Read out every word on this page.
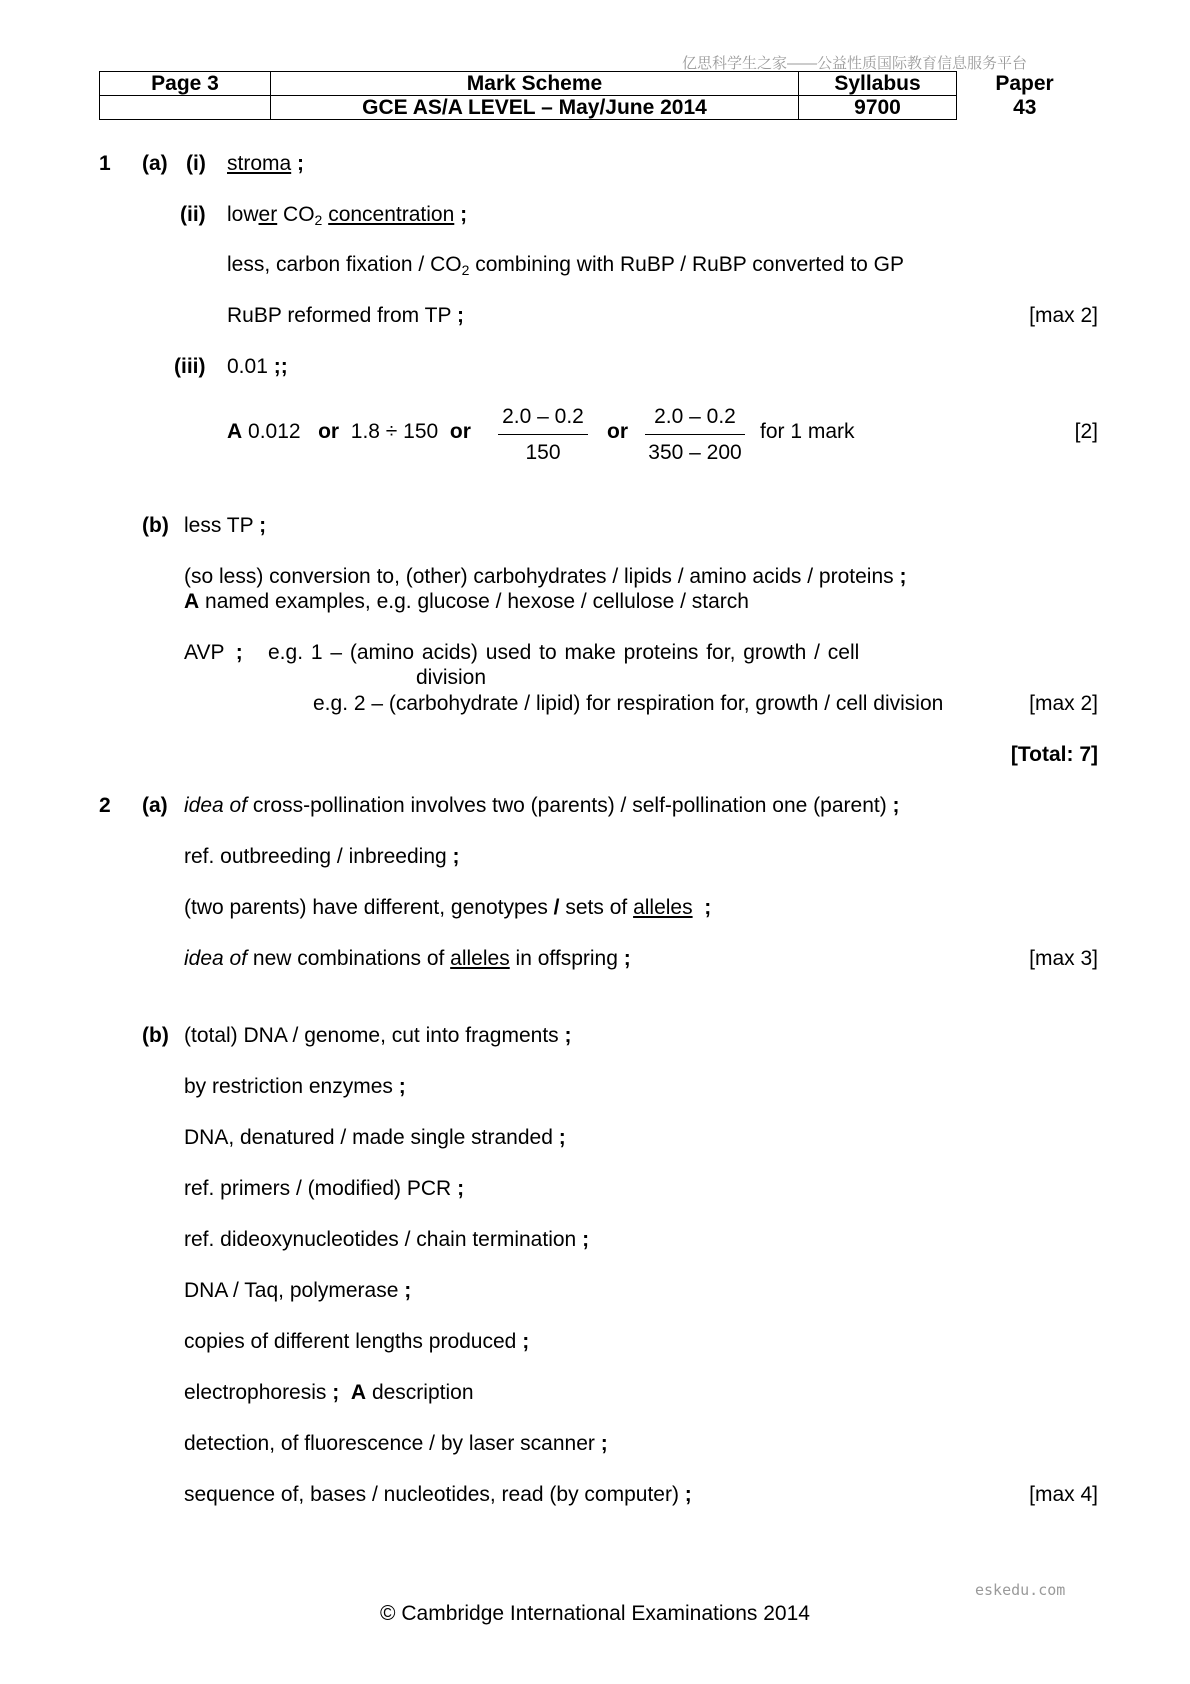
亿思科学生之家——公益性质国际教育信息服务平台
eskedu.com
Page 3	Mark Scheme	Syllabus	Paper
	GCE AS/A LEVEL – May/June 2014	9700	43
1 (a) (i) stroma ;
(ii) lower $CO_2$ concentration ;
less, carbon fixation / $CO_2$ combining with RuBP / RuBP converted to GP
RuBP reformed from TP ;	[max 2]
(iii) 0.01 ;;
A 0.012 or 1.8 ÷ 150 or $\frac{2.0 - 0.2}{150}$ or $\frac{2.0 - 0.2}{350 - 200}$ for 1 mark	[2]
(b) less TP ;
(so less) conversion to, (other) carbohydrates / lipids / amino acids / proteins ;
A named examples, e.g. glucose / hexose / cellulose / starch
AVP ; e.g. 1 – (amino acids) used to make proteins for, growth / cell
division
e.g. 2 – (carbohydrate / lipid) for respiration for, growth / cell division	[max 2]
[Total: 7]
2 (a) idea of cross-pollination involves two (parents) / self-pollination one (parent) ;
ref. outbreeding / inbreeding ;
(two parents) have different, genotypes / sets of alleles ;
idea of new combinations of alleles in offspring ;	[max 3]
(b) (total) DNA / genome, cut into fragments ;
by restriction enzymes ;
DNA, denatured / made single stranded ;
ref. primers / (modified) PCR ;
ref. dideoxynucleotides / chain termination ;
DNA / Taq, polymerase ;
copies of different lengths produced ;
electrophoresis ; A description
detection, of fluorescence / by laser scanner ;
sequence of, bases / nucleotides, read (by computer) ;	[max 4]
© Cambridge International Examinations 2014
